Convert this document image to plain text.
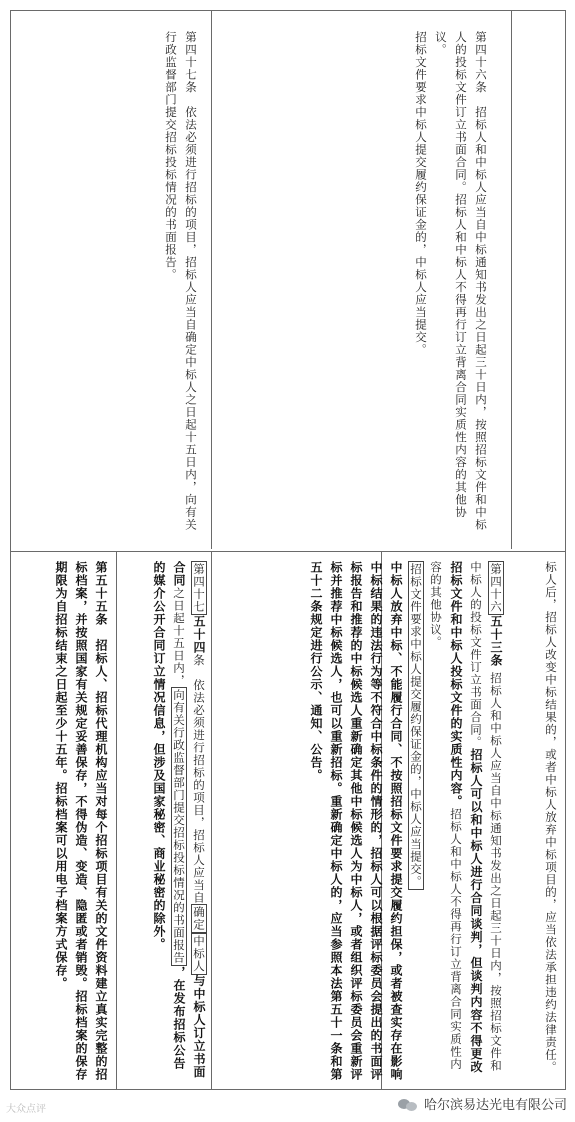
第四十六条　招标人和中标人应当自中标通知书发出之日起三十日内，按照招标文件和中标人的投标文件订立书面合同。招标人和中标人不得再行订立背离合同实质性内容的其他协议。
招标文件要求中标人提交履约保证金的，中标人应当提交。
第四十七条　依法必须进行招标的项目，招标人应当自确定中标人之日起十五日内，向有关行政监督部门提交招标投标情况的书面报告。
标人后，招标人改变中标结果的，或者中标人放弃中标项目的，应当依法承担违约法律责任。
第四十六五十三条 招标人和中标人应当自中标通知书发出之日起三十日内，按照招标文件和中标人的投标文件订立书面合同。招标人可以和中标人进行合同谈判，但谈判内容不得更改招标文件和中标人投标文件的实质性内容。招标人和中标人不得再行订立背离合同实质性内容的其他协议。
招标文件要求中标人提交履约保证金的，中标人应当提交。
中标人放弃中标、不能履行合同、不按照招标文件要求提交履约担保，或者被查实存在影响中标结果的违法行为等不符合中标条件的情形的，招标人可以根据评标委员会提出的书面评标报告和推荐的中标候选人重新确定其他中标候选人为中标人，或者组织评标委员会重新评标并推荐中标候选人，也可以重新招标。重新确定中标人的，应当参照本法第五十一条和第五十二条规定进行公示、通知、公告。
第四十七五十四条　依法必须进行招标的项目，招标人应当自确定中标人与中标人订立书面合同之日起十五日内，向有关行政监督部门提交招标投标情况的书面报告，在发布招标公告的媒介公开合同订立情况信息，但涉及国家秘密、商业秘密的除外。
第五十五条　招标人、招标代理机构应当对每个招标项目有关的文件资料建立真实完整的招标档案，并按照国家有关规定妥善保存，不得伪造、变造、隐匿或者销毁。招标档案的保存期限为自招标结束之日起至少十五年。招标档案可以用电子档案方式保存。
大众点评	哈尔滨易达光电有限公司
